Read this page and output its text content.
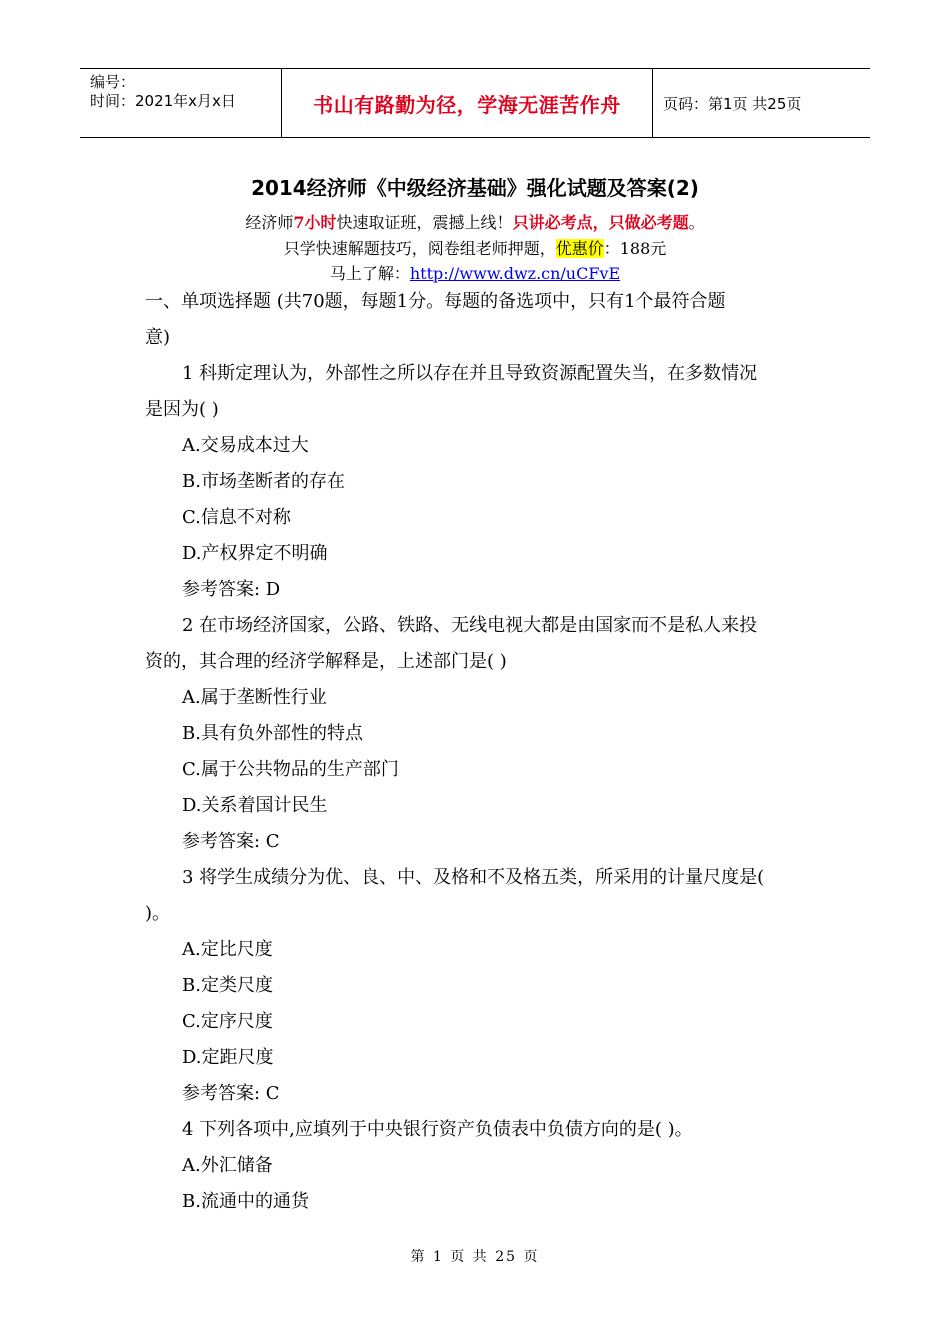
编号：
时间：2021年x月x日	书山有路勤为径，学海无涯苦作舟	页码：第1页 共25页
2014经济师《中级经济基础》强化试题及答案(2)
经济师7小时快速取证班，震撼上线！只讲必考点，只做必考题。
只学快速解题技巧，阅卷组老师押题，优惠价：188元
马上了解：http://www.dwz.cn/uCFvE
一、单项选择题 (共70题，每题1分。每题的备选项中，只有1个最符合题
意)
1 科斯定理认为，外部性之所以存在并且导致资源配置失当，在多数情况
是因为( )
A.交易成本过大
B.市场垄断者的存在
C.信息不对称
D.产权界定不明确
参考答案: D
2 在市场经济国家，公路、铁路、无线电视大都是由国家而不是私人来投
资的，其合理的经济学解释是，上述部门是( )
A.属于垄断性行业
B.具有负外部性的特点
C.属于公共物品的生产部门
D.关系着国计民生
参考答案: C
3 将学生成绩分为优、良、中、及格和不及格五类，所采用的计量尺度是(
)。
A.定比尺度
B.定类尺度
C.定序尺度
D.定距尺度
参考答案: C
4 下列各项中,应填列于中央银行资产负债表中负债方向的是( )。
A.外汇储备
B.流通中的通货
第 1 页 共 25 页
